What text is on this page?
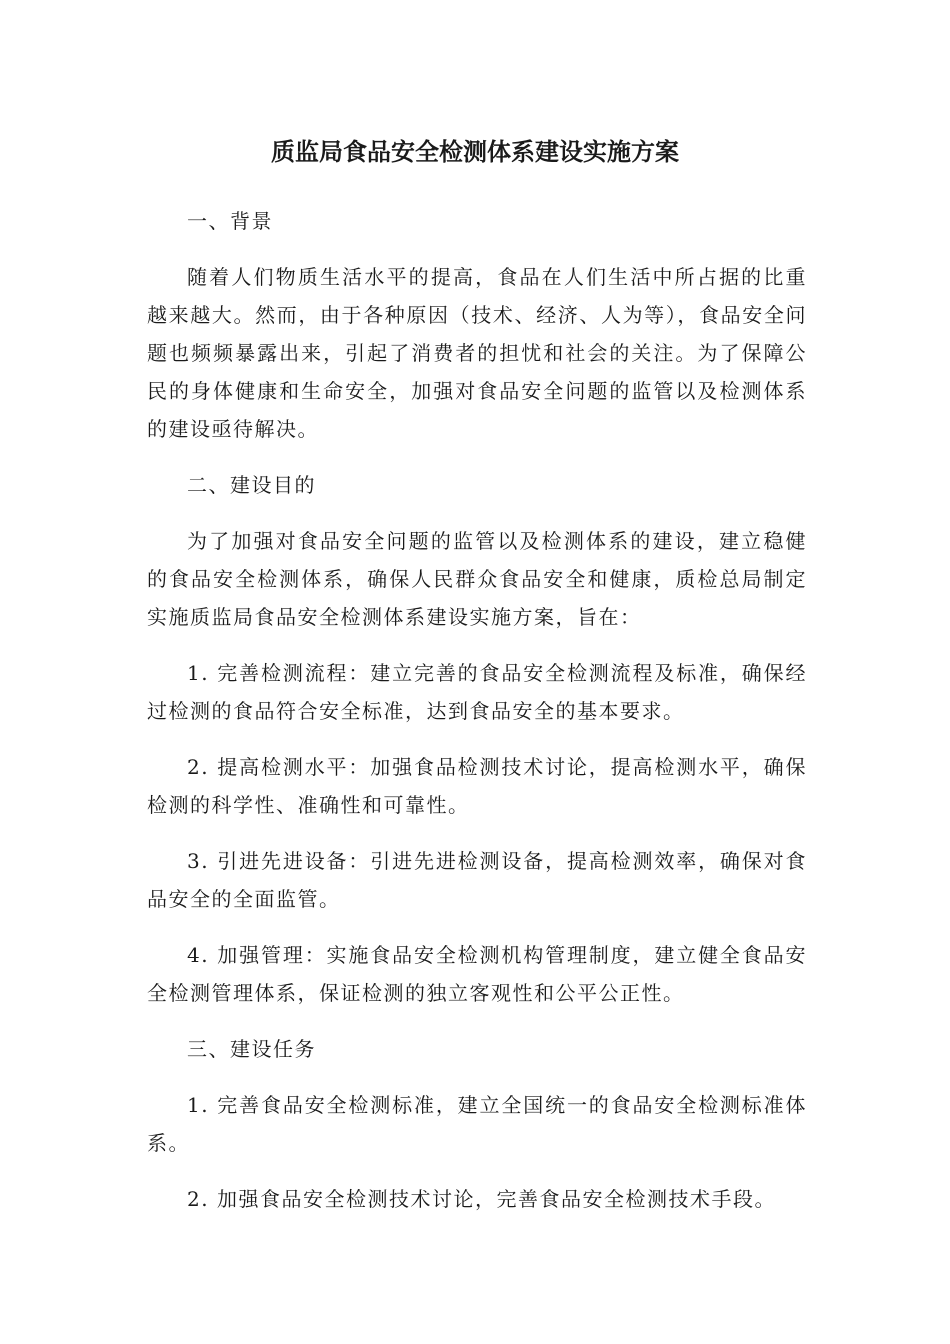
质监局食品安全检测体系建设实施方案

一、背景

随着人们物质生活水平的提高，食品在人们生活中所占据的比重越来越大。然而，由于各种原因（技术、经济、人为等），食品安全问题也频频暴露出来，引起了消费者的担忧和社会的关注。为了保障公民的身体健康和生命安全，加强对食品安全问题的监管以及检测体系的建设亟待解决。

二、建设目的

为了加强对食品安全问题的监管以及检测体系的建设，建立稳健的食品安全检测体系，确保人民群众食品安全和健康，质检总局制定实施质监局食品安全检测体系建设实施方案，旨在：

1. 完善检测流程：建立完善的食品安全检测流程及标准，确保经过检测的食品符合安全标准，达到食品安全的基本要求。

2. 提高检测水平：加强食品检测技术讨论，提高检测水平，确保检测的科学性、准确性和可靠性。

3. 引进先进设备：引进先进检测设备，提高检测效率，确保对食品安全的全面监管。

4. 加强管理：实施食品安全检测机构管理制度，建立健全食品安全检测管理体系，保证检测的独立客观性和公平公正性。

三、建设任务

1. 完善食品安全检测标准，建立全国统一的食品安全检测标准体系。

2. 加强食品安全检测技术讨论，完善食品安全检测技术手段。
